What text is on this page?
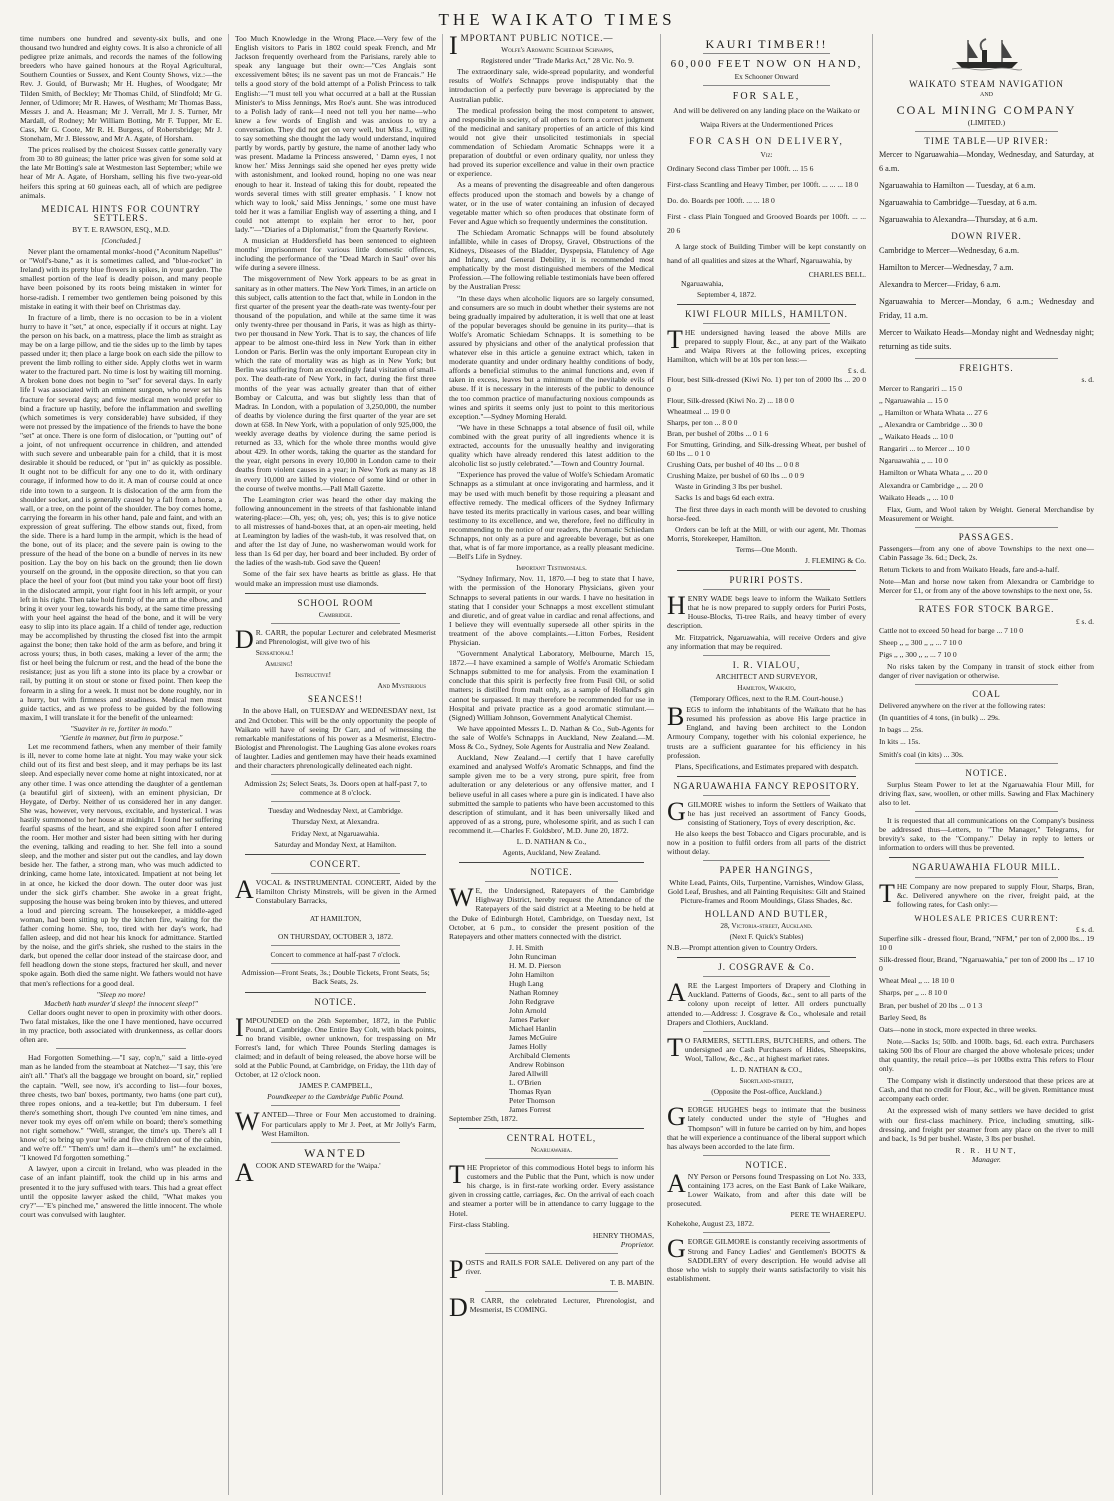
THE WAIKATO TIMES

time numbers one hundred and seventy-six bulls, and one thousand two hundred and eighty cows. It is also a chronicle of all pedigree prize animals, and records the names of the following breeders who have gained honours at the Royal Agricultural, Southern Counties or Sussex, and Kent County Shows, viz.:—the Rev. J. Gould, of Burwash; Mr H. Hughes, of Woodgate; Mr Tilden Smith, of Beckley; Mr Thomas Child, of Slindfold; Mr G. Jenner, of Udimore; Mr R. Hawes, of Westham; Mr Thomas Bass, Messrs J. and A. Heasman; Mr J. Verrall, Mr J. S. Turner, Mr Mardall, of Rodney; Mr William Botting, Mr F. Tupper, Mr E. Cass, Mr G. Coote, Mr R. H. Burgess, of Robertsbridge; Mr J. Stoneham, Mr J. Blessow, and Mr A. Agate, of Horsham.

The prices realised by the choicest Sussex cattle generally vary from 30 to 80 guineas; the latter price was given for some sold at the late Mr Botting's sale at Westmeston last September; while we hear of Mr A. Agate, of Horsham, selling his five two-year-old heifers this spring at 60 guineas each, all of which are pedigree animals.

MEDICAL HINTS FOR COUNTRY SETTLERS.
BY T. E. RAWSON, ESQ., M.D.
[Concluded.]

Never plant the ornamental monks'-hood ("Aconitum Napellus" or "Wolf's-bane," as it is sometimes called, and "blue-rocket" in Ireland) with its pretty blue flowers in spikes, in your garden. The smallest portion of the leaf is deadly poison, and many people have been poisoned by its roots being mistaken in winter for horse-radish. I remember two gentlemen being poisoned by this mistake in eating it with their beef on Christmas day.

In fracture of a limb, there is no occasion to be in a violent hurry to have it "set," at once, especially if it occurs at night. Lay the person on his back, on a mattress, place the limb as straight as may be on a large pillow, and tie the sides up to the limb by tapes passed under it; then place a large book on each side the pillow to prevent the limb rolling to either side. Apply cloths wet in warm water to the fractured part. No time is lost by waiting till morning. A broken bone does not begin to "set" for several days. In early life I was associated with an eminent surgeon, who never set his fracture for several days; and few medical men would prefer to bind a fracture up hastily, before the inflammation and swelling (which sometimes is very considerable) have subsided, if they were not pressed by the impatience of the friends to have the bone "set" at once. There is one form of dislocation, or "putting out" of a joint, of not unfrequent occurrence in children, and attended with such severe and unbearable pain for a child, that it is most desirable it should be reduced, or "put in" as quickly as possible. It ought not to be difficult for any one to do it, with ordinary courage, if informed how to do it. A man of course could at once ride into town to a surgeon. It is dislocation of the arm from the shoulder socket, and is generally caused by a fall from a horse, a wall, or a tree, on the point of the shoulder. The boy comes home, carrying the forearm in his other hand, pale and faint, and with an expression of great suffering. The elbow stands out, fixed, from the side. There is a hard lump in the armpit, which is the head of the bone, out of its place; and the severe pain is owing to the pressure of the head of the bone on a bundle of nerves in its new position. Lay the boy on his back on the ground; then lie down yourself on the ground, in the opposite direction, so that you can place the heel of your foot (but mind you take your boot off first) in the dislocated armpit, your right foot in his left armpit, or your left in his right. Then take hold firmly of the arm at the elbow, and bring it over your leg, towards his body, at the same time pressing with your heel against the head of the bone, and it will be very easy to slip into its place again. If a child of tender age, reduction may be accomplished by thrusting the closed fist into the armpit against the bone; then take hold of the arm as before, and bring it across yours; thus, in both cases, making a lever of the arm; the fist or heel being the fulcrum or rest, and the head of the bone the resistance; just as you lift a stone into its place by a crowbar or rail, by putting it on stout or stone or fixed point. Then keep the forearm in a sling for a week. It must not be done roughly, nor in a hurry, but with firmness and steadiness. Medical men must guide tactics, and as we profess to be guided by the following maxim, I will translate it for the benefit of the unlearned:

"Suaviter in re, fortiter in modo."
"Gentle in manner, but firm in purpose."

Let me recommend fathers, when any member of their family is ill, never to come home late at night. You may wake your sick child out of its first and best sleep, and it may perhaps be its last sleep. And especially never come home at night intoxicated, nor at any other time. I was once attending the daughter of a gentleman (a beautiful girl of sixteen), with an eminent physician, Dr Heygate, of Derby. Neither of us considered her in any danger. She was, however, very nervous, excitable, and hysterical. I was hastily summoned to her house at midnight. I found her suffering fearful spasms of the heart, and she expired soon after I entered the room. Her mother and sister had been sitting with her during the evening, talking and reading to her. She fell into a sound sleep, and the mother and sister put out the candles, and lay down beside her. The father, a strong man, who was much addicted to drinking, came home late, intoxicated. Impatient at not being let in at once, he kicked the door down. The outer door was just under the sick girl's chamber. She awoke in a great fright, supposing the house was being broken into by thieves, and uttered a loud and piercing scream. The housekeeper, a middle-aged woman, had been sitting up by the kitchen fire, waiting for the father coming home. She, too, tired with her day's work, had fallen asleep, and did not hear his knock for admittance. Startled by the noise, and the girl's shriek, she rushed to the stairs in the dark, but opened the cellar door instead of the staircase door, and fell headlong down the stone steps, fractured her skull, and never spoke again. Both died the same night. We fathers would not have that men's reflections for a good deal.

"Sleep no more!
Macbeth hath murder'd sleep! the innocent sleep!"

Cellar doors ought never to open in proximity with other doors. Two fatal mistakes, like the one I have mentioned, have occurred in my practice, both associated with drunkenness, as cellar doors often are.

Had Forgotten Something.—"I say, cop'n," said a little-eyed man as he landed from the steamboat at Natchez—"I say, this 'ere ain't all." That's all the baggage we brought on board, sir," replied the captain. "Well, see now, it's according to list—four boxes, three chests, two ban' boxes, portmanty, two hams (one part cut), three ropes onions, and a tea-kettle; but I'm dubersum. I feel there's something short, though I've counted 'em nine times, and never took my eyes off on'em while on board; there's something not right somehow." "Well, stranger, the time's up. There's all I know of; so bring up your 'wife and five children out of the cabin, and we're off." "Them's um! darn it—them's um!" he exclaimed. "I knowed I'd forgotten something."

A lawyer, upon a circuit in Ireland, who was pleaded in the case of an infant plaintiff, took the child up in his arms and presented it to the jury suffused with tears. This had a great effect until the opposite lawyer asked the child, "What makes you cry?"—"E's pinched me," answered the little innocent. The whole court was convulsed with laughter.

Too Much Knowledge in the Wrong Place.—Very few of the English visitors to Paris in 1802 could speak French, and Mr Jackson frequently overheard from the Parisians, rarely able to speak any language but their own:—"Ces Anglais sont excessivement bêtes; ils ne savent pas un mot de Francais." He tells a good story of the bold attempt of a Polish Princess to talk English:—"I must tell you what occurred at a ball at the Russian Minister's to Miss Jennings, Mrs Roe's aunt. She was introduced to a Polish lady of rank—I need not tell you her name—who knew a few words of English and was anxious to try a conversation. They did not get on very well, but Miss J., willing to say something she thought the lady would understand, inquired partly by words, partly by gesture, the name of another lady who was present. Madame la Princess answered, ' Damn eyes, I not know her.' Miss Jennings said she opened her eyes pretty wide with astonishment, and looked round, hoping no one was near enough to hear it. Instead of taking this for doubt, repeated the words several times with still greater emphasis. ' I know not which way to look,' said Miss Jennings, ' some one must have told her it was a familiar English way of asserting a thing, and I could not attempt to explain her error to her, poor lady.'"—"Diaries of a Diplomatist," from the Quarterly Review.

A musician at Huddersfield has been sentenced to eighteen months' imprisonment for various little domestic offences, including the performance of the "Dead March in Saul" over his wife during a severe illness.

The misgovernment of New York appears to be as great in sanitary as in other matters. The New York Times, in an article on this subject, calls attention to the fact that, while in London in the first quarter of the present year the death-rate was twenty-four per thousand of the population, and while at the same time it was only twenty-three per thousand in Paris, it was as high as thirty-two per thousand in New York. That is to say, the chances of life appear to be almost one-third less in New York than in either London or Paris. Berlin was the only important European city in which the rate of mortality was as high as in New York; but Berlin was suffering from an exceedingly fatal visitation of small-pox. The death-rate of New York, in fact, during the first three months of the year was actually greater than that of either Bombay or Calcutta, and was but slightly less than that of Madras. In London, with a population of 3,250,000, the number of deaths by violence during the first quarter of the year are set down at 658. In New York, with a population of only 925,000, the weekly average deaths by violence during the same period is returned as 33, which for the whole three months would give about 429. In other words, taking the quarter as the standard for the year, eight persons in every 10,000 in London came to their deaths from violent causes in a year; in New York as many as 18 in every 10,000 are killed by violence of some kind or other in the course of twelve months.—Pall Mall Gazette.

The Leamington crier was heard the other day making the following announcement in the streets of that fashionable inland watering-place:—Oh, yes; oh, yes; oh, yes; this is to give notice to all mistresses of hand-boxes that, at an open-air meeting, held at Leamington by ladies of the wash-tub, it was resolved that, on and after the 1st day of June, no washerwoman would work for less than 1s 6d per day, her board and beer included. By order of the ladies of the wash-tub. God save the Queen!

Some of the fair sex have hearts as brittle as glass. He that would make an impression must use diamonds.

SCHOOL ROOM
Cambridge.

D R. CARR, the popular Lecturer and celebrated Mesmerist and Phrenologist, will give two of his

Sensational!
Amusing!
Instructive!
And Mysterious
SEANCES!!

In the above Hall, on TUESDAY and WEDNESDAY next, 1st and 2nd October. This will be the only opportunity the people of Waikato will have of seeing Dr Carr, and of witnessing the remarkable manifestations of his power as a Mesmerist, Electro-Biologist and Phrenologist. The Laughing Gas alone evokes roars of laughter. Ladies and gentlemen may have their heads examined and their characters phrenologically delineated each night.

Admission 2s; Select Seats, 3s. Doors open at half-past 7, to commence at 8 o'clock.

Tuesday and Wednesday Next, at Cambridge.
Thursday Next, at Alexandra.
Friday Next, at Ngaruawahia.
Saturday and Monday Next, at Hamilton.
CONCERT.

AVOCAL & INSTRUMENTAL CONCERT, Aided by the Hamilton Christy Minstrels, will be given in the Armed Constabulary Barracks,

AT HAMILTON,
ON THURSDAY, OCTOBER 3, 1872.
Concert to commence at half-past 7 o'clock.

Admission—Front Seats, 3s.; Double Tickets, Front Seats, 5s; Back Seats, 2s.

NOTICE.

IMPOUNDED on the 26th September, 1872, in the Public Pound, at Cambridge. One Entire Bay Colt, with black points, no brand visible, owner unknown, for trespassing on Mr Forrest's land, for which Three Pounds Sterling damages is claimed; and in default of being released, the above horse will be sold at the Public Pound, at Cambridge, on Friday, the 11th day of October, at 12 o'clock noon.

JAMES P. CAMPBELL,
Poundkeeper to the Cambridge Public Pound.

WANTED—Three or Four Men accustomed to draining. For particulars apply to Mr J. Peet, at Mr Jolly's Farm, West Hamilton.

WANTED

ACOOK AND STEWARD for the 'Waipa.'

IMPORTANT PUBLIC NOTICE.—

Wolfe's Aromatic Schiedam Schnapps,
Registered under "Trade Marks Act," 28 Vic. No. 9.

The extraordinary sale, wide-spread popularity, and wonderful results of Wolfe's Schnapps prove indisputably that the introduction of a perfectly pure beverage is appreciated by the Australian public.

The medical profession being the most competent to answer, and responsible in society, of all others to form a correct judgment of the medicinal and sanitary properties of an article of this kind would not give their unsolicited testimonials in special commendation of Schiedam Aromatic Schnapps were it a preparation of doubtful or even ordinary quality, nor unless they had proved its superior excellence and value in their own practice or experience.

As a means of preventing the disagreeable and often dangerous effects produced upon the stomach and bowels by a change of water, or in the use of water containing an infusion of decayed vegetable matter which so often produces that obstinate form of Fever and Ague which so frequently undermines the constitution.

The Schiedam Aromatic Schnapps will be found absolutely infallible, while in cases of Dropsy, Gravel, Obstructions of the Kidneys, Diseases of the Bladder, Dyspepsia, Flatulency of Age and Infancy, and General Debility, it is recommended most emphatically by the most distinguished members of the Medical Profession.—The following reliable testimonials have been offered by the Australian Press:

"In these days when alcoholic liquors are so largely consumed, and consumers are so much in doubt whether their systems are not being gradually impaired by adulteration, it is well that one at least of the popular beverages should be genuine in its purity—that is Wolfe's Aromatic Schiedam Schnapps. It is something to be assured by physicians and other of the analytical profession that whatever else in this article a genuine extract which, taken in moderate quantity and under ordinary healthy conditions of body, affords a beneficial stimulus to the animal functions and, even if taken in excess, leaves but a minimum of the inevitable evils of abuse. If it is necessary in the interests of the public to denounce the too common practice of manufacturing noxious compounds as wines and spirits it seems only just to point to this meritorious exception."—Sydney Morning Herald.

"We have in these Schnapps a total absence of fusil oil, while combined with the great purity of all ingredients whence it is extracted, accounts for the unusually healthy and invigorating quality which have already rendered this latest addition to the alcoholic list so justly celebrated."—Town and Country Journal.

"Experience has proved the value of Wolfe's Schiedam Aromatic Schnapps as a stimulant at once invigorating and harmless, and it may be used with much benefit by those requiring a pleasant and effective remedy. The medical officers of the Sydney Infirmary have tested its merits practically in various cases, and bear willing testimony to its excellence, and we, therefore, feel no difficulty in recommending to the notice of our readers, the Aromatic Schiedam Schnapps, not only as a pure and agreeable beverage, but as one that, what is of far more importance, as a really pleasant medicine.—Bell's Life in Sydney.

Important Testimonials.

"Sydney Infirmary, Nov. 11, 1870.—I beg to state that I have, with the permission of the Honorary Physicians, given your Schnapps to several patients in our wards. I have no hesitation in stating that I consider your Schnapps a most excellent stimulant and diuretic, and of great value in cardiac and renal affections, and I believe they will eventually supersede all other spirits in the treatment of the above complaints.—Litton Forbes, Resident Physician.

"Government Analytical Laboratory, Melbourne, March 15, 1872.—I have examined a sample of Wolfe's Aromatic Schiedam Schnapps submitted to me for analysis. From the examination I conclude that this spirit is perfectly free from Fusil Oil, or solid matters; is distilled from malt only, as a sample of Holland's gin cannot be surpassed. It may therefore be recommended for use in Hospital and private practice as a good aromatic stimulant.—(Signed) William Johnson, Government Analytical Chemist.

We have appointed Messrs L. D. Nathan & Co., Sub-Agents for the sale of Wolfe's Schnapps in Auckland, New Zealand.—M. Moss & Co., Sydney, Sole Agents for Australia and New Zealand.

Auckland, New Zealand.—I certify that I have carefully examined and analysed Wolfe's Aromatic Schnapps, and find the sample given me to be a very strong, pure spirit, free from adulteration or any deleterious or any offensive matter, and I believe useful in all cases where a pure gin is indicated. I have also submitted the sample to patients who have been accustomed to this description of stimulant, and it has been universally liked and approved of as a strong, pure, wholesome spirit, and as such I can recommend it.—Charles F. Goldsbro', M.D. June 20, 1872.

L. D. NATHAN & Co.,
Agents, Auckland, New Zealand.
NOTICE.

W E, the Undersigned, Ratepayers of the Cambridge Highway District, hereby request the Attendance of the Ratepayers of the said district at a Meeting to be held at the Duke of Edinburgh Hotel, Cambridge, on Tuesday next, 1st October, at 6 p.m., to consider the present position of the Ratepayers and other matters connected with the district.

J. H. Smith
John Runciman
H. M. D. Pierson
John Hamilton
Hugh Lang
Nathan Romney
John Redgrave
John Arnold
James Parker
Michael Hanlin
James McGuire
James Holly
Archibald Clements
Andrew Robinson
Jared Allwill
L. O'Brien
Thomas Ryan
Peter Thomson
James Forrest

September 25th, 1872.

CENTRAL HOTEL,
Ngaruawahia.

THE Proprietor of this commodious Hotel begs to inform his customers and the Public that the Punt, which is now under his charge, is in first-rate working order. Every assistance given in crossing cattle, carriages, &c. On the arrival of each coach and steamer a porter will be in attendance to carry luggage to the Hotel.

First-class Stabling.

HENRY THOMAS,
Proprietor.

POSTS and RAILS FOR SALE. Delivered on any part of the river.

T. B. MABIN.

D R CARR, the celebrated Lecturer, Phrenologist, and Mesmerist, IS COMING.

KAURI TIMBER!!
60,000 FEET NOW ON HAND,
Ex Schooner Onward
FOR SALE,

And will be delivered on any landing place on the Waikato or Waipa Rivers at the Undermentioned Prices

FOR CASH ON DELIVERY,
Viz:

Ordinary Second class Timber per 100ft. ... 15 6

First-class Scantling and Heavy Timber, per 100ft. ... ... ... 18 0

Do. do. Boards per 100ft. ... ... 18 0

First - class Plain Tongued and Grooved Boards per 100ft. ... ... 20 6

A large stock of Building Timber will be kept constantly on hand of all qualities and sizes at the Wharf, Ngaruawahia, by

CHARLES BELL.

Ngaruawahia,

September 4, 1872.

KIWI FLOUR MILLS, HAMILTON.

THE undersigned having leased the above Mills are prepared to supply Flour, &c., at any part of the Waikato and Waipa Rivers at the following prices, excepting Hamilton, which will be at 10s per ton less:—

£ s. d.

Flour, best Silk-dressed (Kiwi No. 1) per ton of 2000 lbs ... 20 0 0

Flour, Silk-dressed (Kiwi No. 2) ... 18 0 0

Wheatmeal ... 19 0 0

Sharps, per ton ... 8 0 0

Bran, per bushel of 20lbs ... 0 1 6

For Smutting, Grinding, and Silk-dressing Wheat, per bushel of 60 lbs ... 0 1 0

Crushing Oats, per bushel of 40 lbs ... 0 0 8

Crushing Maize, per bushel of 60 lbs ... 0 0 9

Waste in Grinding 3 lbs per bushel.

Sacks 1s and bags 6d each extra.

The first three days in each month will be devoted to crushing horse-feed.

Orders can be left at the Mill, or with our agent, Mr. Thomas Morris, Storekeeper, Hamilton.

Terms—One Month.
J. FLEMING & Co.
PURIRI POSTS.

HENRY WADE begs leave to inform the Waikato Settlers that he is now prepared to supply orders for Puriri Posts, House-Blocks, Ti-tree Rails, and heavy timber of every description.

Mr. Fitzpatrick, Ngaruawahia, will receive Orders and give any information that may be required.

I. R. VIALOU,
ARCHITECT AND SURVEYOR,
Hamilton, Waikato,
(Temporary Offices, next to the R.M. Court-house.)

BEGS to inform the inhabitants of the Waikato that he has resumed his profession as above His large practice in England, and having been architect to the London Armoury Company, together with his colonial experience, he trusts are a sufficient guarantee for his efficiency in his profession.

Plans, Specifications, and Estimates prepared with despatch.

NGARUAWAHIA FANCY REPOSITORY.

GGILMORE wishes to inform the Settlers of Waikato that he has just received an assortment of Fancy Goods, consisting of Stationery, Toys of every description, &c.

He also keeps the best Tobacco and Cigars procurable, and is now in a position to fulfil orders from all parts of the district without delay.

PAPER HANGINGS,

White Lead, Paints, Oils, Turpentine, Varnishes, Window Glass, Gold Leaf, Brushes, and all Painting Requisites: Gilt and Stained Picture-frames and Room Mouldings, Glass Shades, &c.

HOLLAND AND BUTLER,
28, Victoria-street, Auckland.
(Next F. Quick's Stables)

N.B.—Prompt attention given to Country Orders.

J. COSGRAVE & Co.

ARE the Largest Importers of Drapery and Clothing in Auckland. Patterns of Goods, &c., sent to all parts of the colony upon receipt of letter. All orders punctually attended to.—Address: J. Cosgrave & Co., wholesale and retail Drapers and Clothiers, Auckland.

T O FARMERS, SETTLERS, BUTCHERS, and others. The undersigned are Cash Purchasers of Hides, Sheepskins, Wool, Tallow, &c., &c., at highest market rates.

L. D. NATHAN & CO.,
Shortland-street,
(Opposite the Post-office, Auckland.)

GEORGE HUGHES begs to intimate that the business lately conducted under the style of "Hughes and Thompson" will in future be carried on by him, and hopes that he will experience a continuance of the liberal support which has always been accorded to the late firm.

NOTICE.

ANY Person or Persons found Trespassing on Lot No. 333, containing 173 acres, on the East Bank of Lake Waikare, Lower Waikato, from and after this date will be prosecuted.

PERE TE WHAEREPU.

Kohekohe, August 23, 1872.

GEORGE GILMORE is constantly receiving assortments of Strong and Fancy Ladies' and Gentlemen's BOOTS & SADDLERY of every description. He would advise all those who wish to supply their wants satisfactorily to visit his establishment.

WAIKATO STEAM NAVIGATION
AND
COAL MINING COMPANY
(LIMITED.)
TIME TABLE—UP RIVER:

Mercer to Ngaruawahia—Monday, Wednesday, and Saturday, at 6 a.m.

Ngaruawahia to Hamilton — Tuesday, at 6 a.m.

Ngaruawahia to Cambridge—Tuesday, at 6 a.m.

Ngaruawahia to Alexandra—Thursday, at 6 a.m.

DOWN RIVER.

Cambridge to Mercer—Wednesday, 6 a.m.

Hamilton to Mercer—Wednesday, 7 a.m.

Alexandra to Mercer—Friday, 6 a.m.

Ngaruawahia to Mercer—Monday, 6 a.m.; Wednesday and Friday, 11 a.m.

Mercer to Waikato Heads—Monday night and Wednesday night; returning as tide suits.

FREIGHTS.
s. d.

Mercer to Rangariri ... 15 0

,, Ngaruawahia ... 15 0

,, Hamilton or Whata Whata ... 27 6

,, Alexandra or Cambridge ... 30 0

,, Waikato Heads ... 10 0

Rangariri ... to Mercer ... 10 0

Ngaruawahia ,, ... 10 0

Hamilton or Whata Whata ,, ... 20 0

Alexandra or Cambridge ,, ... 20 0

Waikato Heads ,, ... 10 0

Flax, Gum, and Wool taken by Weight. General Merchandise by Measurement or Weight.

PASSAGES.

Passengers—from any one of above Townships to the next one—Cabin Passage 3s. 6d.; Deck, 2s.

Return Tickets to and from Waikato Heads, fare and-a-half.

Note—Man and horse now taken from Alexandra or Cambridge to Mercer for £1, or from any of the above townships to the next one, 5s.

RATES FOR STOCK BARGE.
£ s. d.

Cattle not to exceed 50 head for barge ... 7 10 0

Sheep ,, ,, 300 ,, ,, ... 7 10 0

Pigs ,, ,, 300 ,, ,, ... 7 10 0

No risks taken by the Company in transit of stock either from danger of river navigation or otherwise.

COAL

Delivered anywhere on the river at the following rates:

(In quantities of 4 tons, (in bulk) ... 29s.

In bags ... 25s.

In kits ... 15s.

Smith's coal (in kits) ... 30s.

NOTICE.

Surplus Steam Power to let at the Ngaruawahia Flour Mill, for driving flax, saw, woollen, or other mills. Sawing and Flax Machinery also to let.

It is requested that all communications on the Company's business be addressed thus—Letters, to "The Manager," Telegrams, for brevity's sake, to the "Company." Delay in reply to letters or information to orders will thus be prevented.

NGARUAWAHIA FLOUR MILL.

THE Company are now prepared to supply Flour, Sharps, Bran, &c. Delivered anywhere on the river, freight paid, at the following rates, for Cash only:—

WHOLESALE PRICES CURRENT:
£ s. d.

Superfine silk - dressed flour, Brand, "NFM," per ton of 2,000 lbs... 19 10 0

Silk-dressed flour, Brand, "Ngaruawahia," per ton of 2000 lbs ... 17 10 0

Wheat Meal ,, ... 18 10 0

Sharps, per ,, ... 8 10 0

Bran, per bushel of 20 lbs ... 0 1 3

Barley Seed, 8s

Oats—none in stock, more expected in three weeks.

Note.—Sacks 1s; 50lb. and 100lb. bags, 6d. each extra. Purchasers taking 500 lbs of Flour are charged the above wholesale prices; under that quantity, the retail price—is per 100lbs extra This refers to Flour only.

The Company wish it distinctly understood that these prices are at Cash, and that no credit for Flour, &c., will be given. Remittance must accompany each order.

At the expressed wish of many settlers we have decided to grist with our first-class machinery. Price, including smutting, silk-dressing, and freight per steamer from any place on the river to mill and back, 1s 9d per bushel. Waste, 3 lbs per bushel.

R. R. HUNT,
Manager.
